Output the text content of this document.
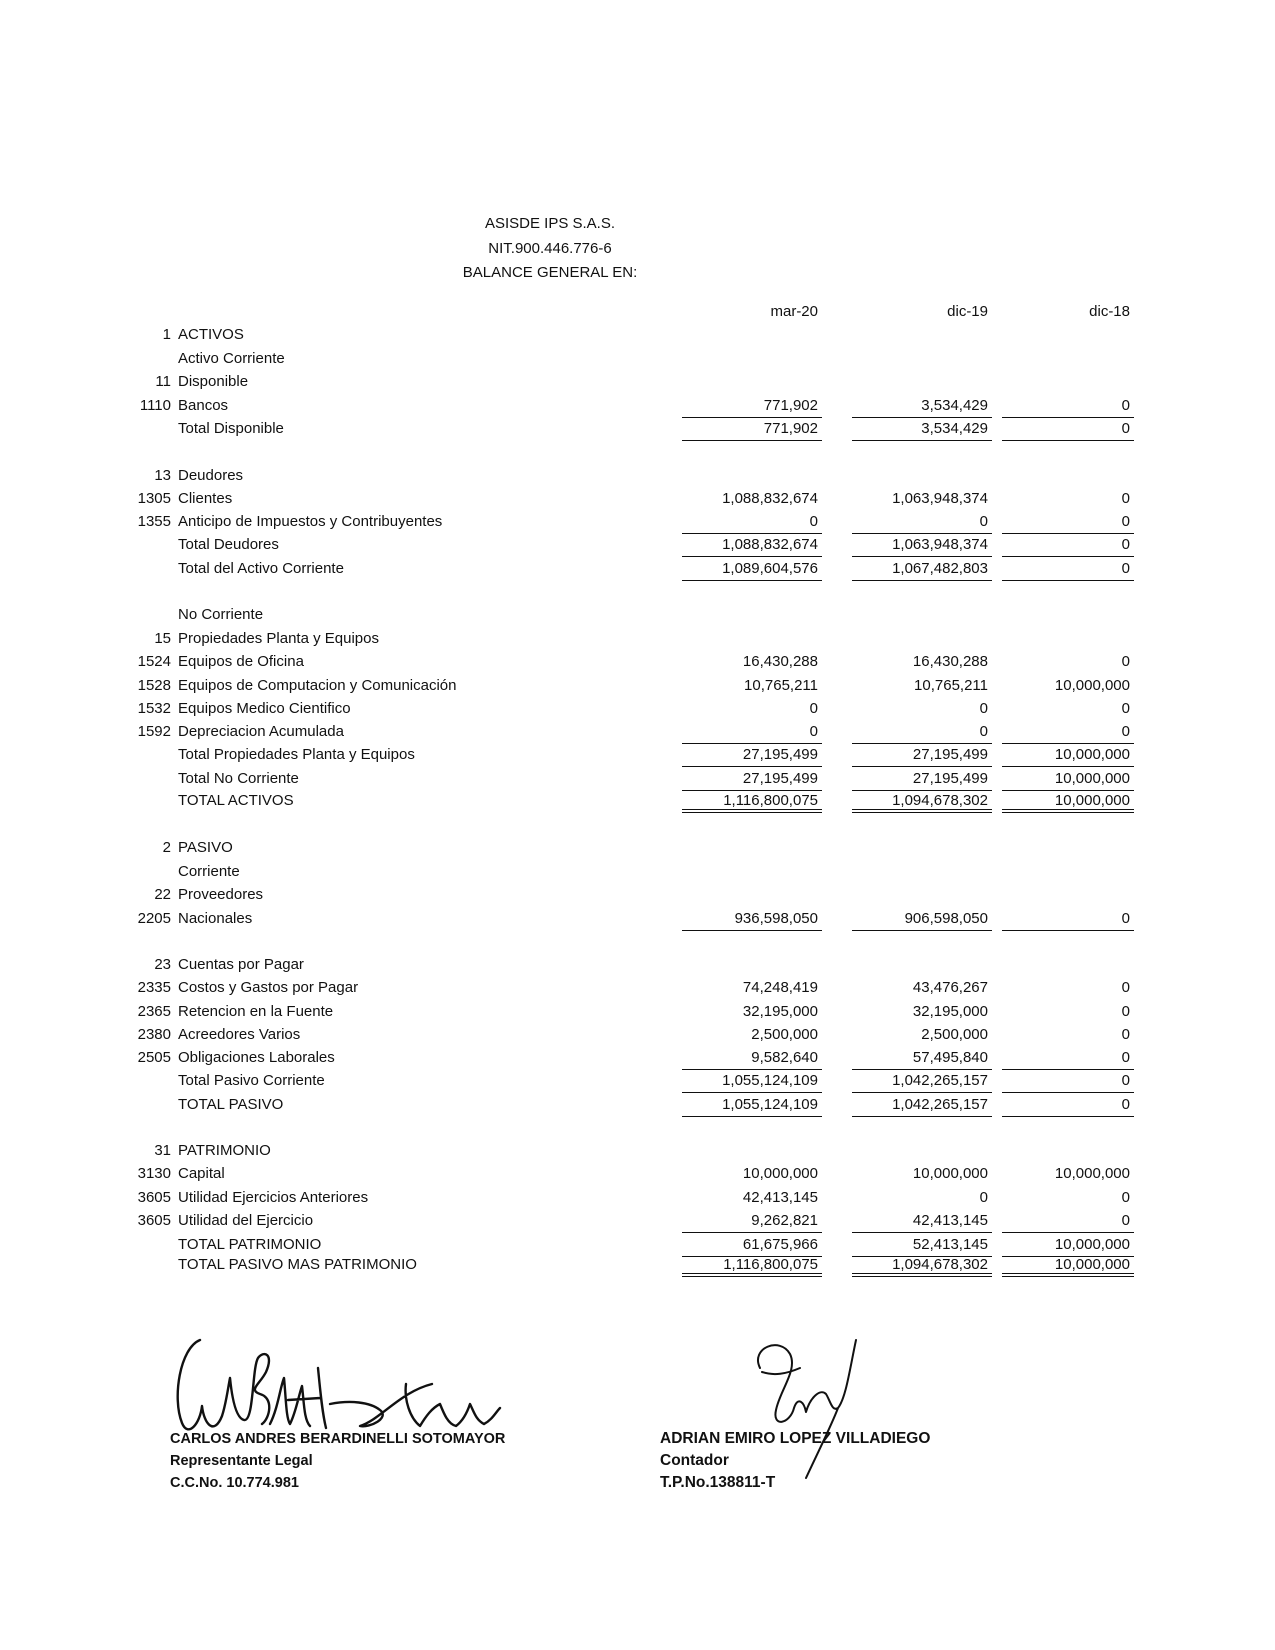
ASISDE IPS S.A.S.
NIT.900.446.776-6
BALANCE GENERAL EN:
mar-20	dic-19	dic-18
1 ACTIVOS
Activo Corriente
11 Disponible
1110 Bancos	771,902	3,534,429	0
Total Disponible	771,902	3,534,429	0
13 Deudores
1305 Clientes	1,088,832,674	1,063,948,374	0
1355 Anticipo de Impuestos y Contribuyentes	0	0	0
Total Deudores	1,088,832,674	1,063,948,374	0
Total del Activo Corriente	1,089,604,576	1,067,482,803	0
No Corriente
15 Propiedades Planta y Equipos
1524 Equipos de Oficina	16,430,288	16,430,288	0
1528 Equipos de Computacion y Comunicación	10,765,211	10,765,211	10,000,000
1532 Equipos Medico Cientifico	0	0	0
1592 Depreciacion Acumulada	0	0	0
Total Propiedades Planta y Equipos	27,195,499	27,195,499	10,000,000
Total No Corriente	27,195,499	27,195,499	10,000,000
TOTAL ACTIVOS	1,116,800,075	1,094,678,302	10,000,000
2 PASIVO
Corriente
22 Proveedores
2205 Nacionales	936,598,050	906,598,050	0
23 Cuentas por Pagar
2335 Costos y Gastos por Pagar	74,248,419	43,476,267	0
2365 Retencion en la Fuente	32,195,000	32,195,000	0
2380 Acreedores Varios	2,500,000	2,500,000	0
2505 Obligaciones Laborales	9,582,640	57,495,840	0
Total Pasivo Corriente	1,055,124,109	1,042,265,157	0
TOTAL PASIVO	1,055,124,109	1,042,265,157	0
31 PATRIMONIO
3130 Capital	10,000,000	10,000,000	10,000,000
3605 Utilidad Ejercicios Anteriores	42,413,145	0	0
3605 Utilidad del Ejercicio	9,262,821	42,413,145	0
TOTAL PATRIMONIO	61,675,966	52,413,145	10,000,000
TOTAL PASIVO MAS PATRIMONIO	1,116,800,075	1,094,678,302	10,000,000
CARLOS ANDRES BERARDINELLI SOTOMAYOR
Representante Legal
C.C.No. 10.774.981
ADRIAN EMIRO LOPEZ VILLADIEGO
Contador
T.P.No.138811-T
